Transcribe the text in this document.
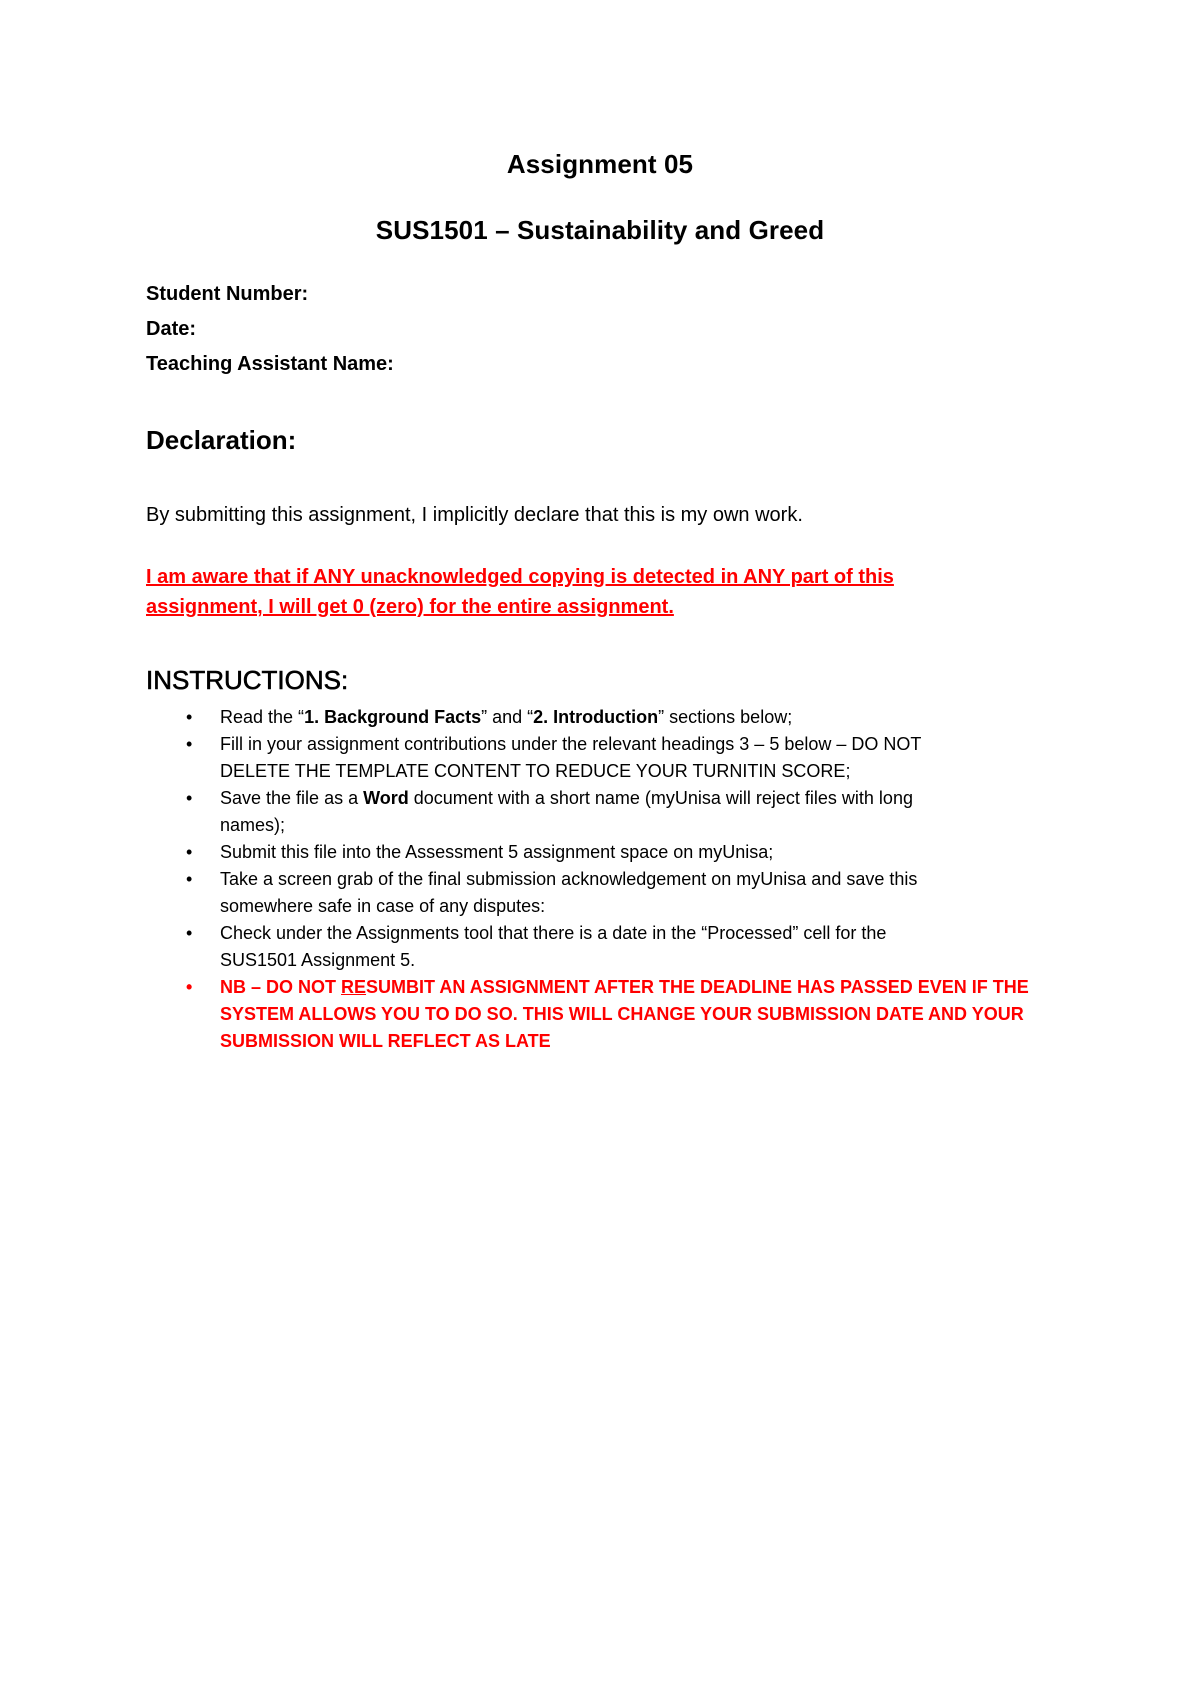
Assignment 05
SUS1501 – Sustainability and Greed
Student Number:
Date:
Teaching Assistant Name:
Declaration:
By submitting this assignment, I implicitly declare that this is my own work.
I am aware that if ANY unacknowledged copying is detected in ANY part of this
assignment, I will get 0 (zero) for the entire assignment.
INSTRUCTIONS:
• Read the “1. Background Facts” and “2. Introduction” sections below;
• Fill in your assignment contributions under the relevant headings 3 – 5 below – DO NOT
DELETE THE TEMPLATE CONTENT TO REDUCE YOUR TURNITIN SCORE;
• Save the file as a Word document with a short name (myUnisa will reject files with long
names);
• Submit this file into the Assessment 5 assignment space on myUnisa;
• Take a screen grab of the final submission acknowledgement on myUnisa and save this
somewhere safe in case of any disputes:
• Check under the Assignments tool that there is a date in the “Processed” cell for the
SUS1501 Assignment 5.
• NB – DO NOT RESUMBIT AN ASSIGNMENT AFTER THE DEADLINE HAS PASSED EVEN IF THE
SYSTEM ALLOWS YOU TO DO SO. THIS WILL CHANGE YOUR SUBMISSION DATE AND YOUR
SUBMISSION WILL REFLECT AS LATE
